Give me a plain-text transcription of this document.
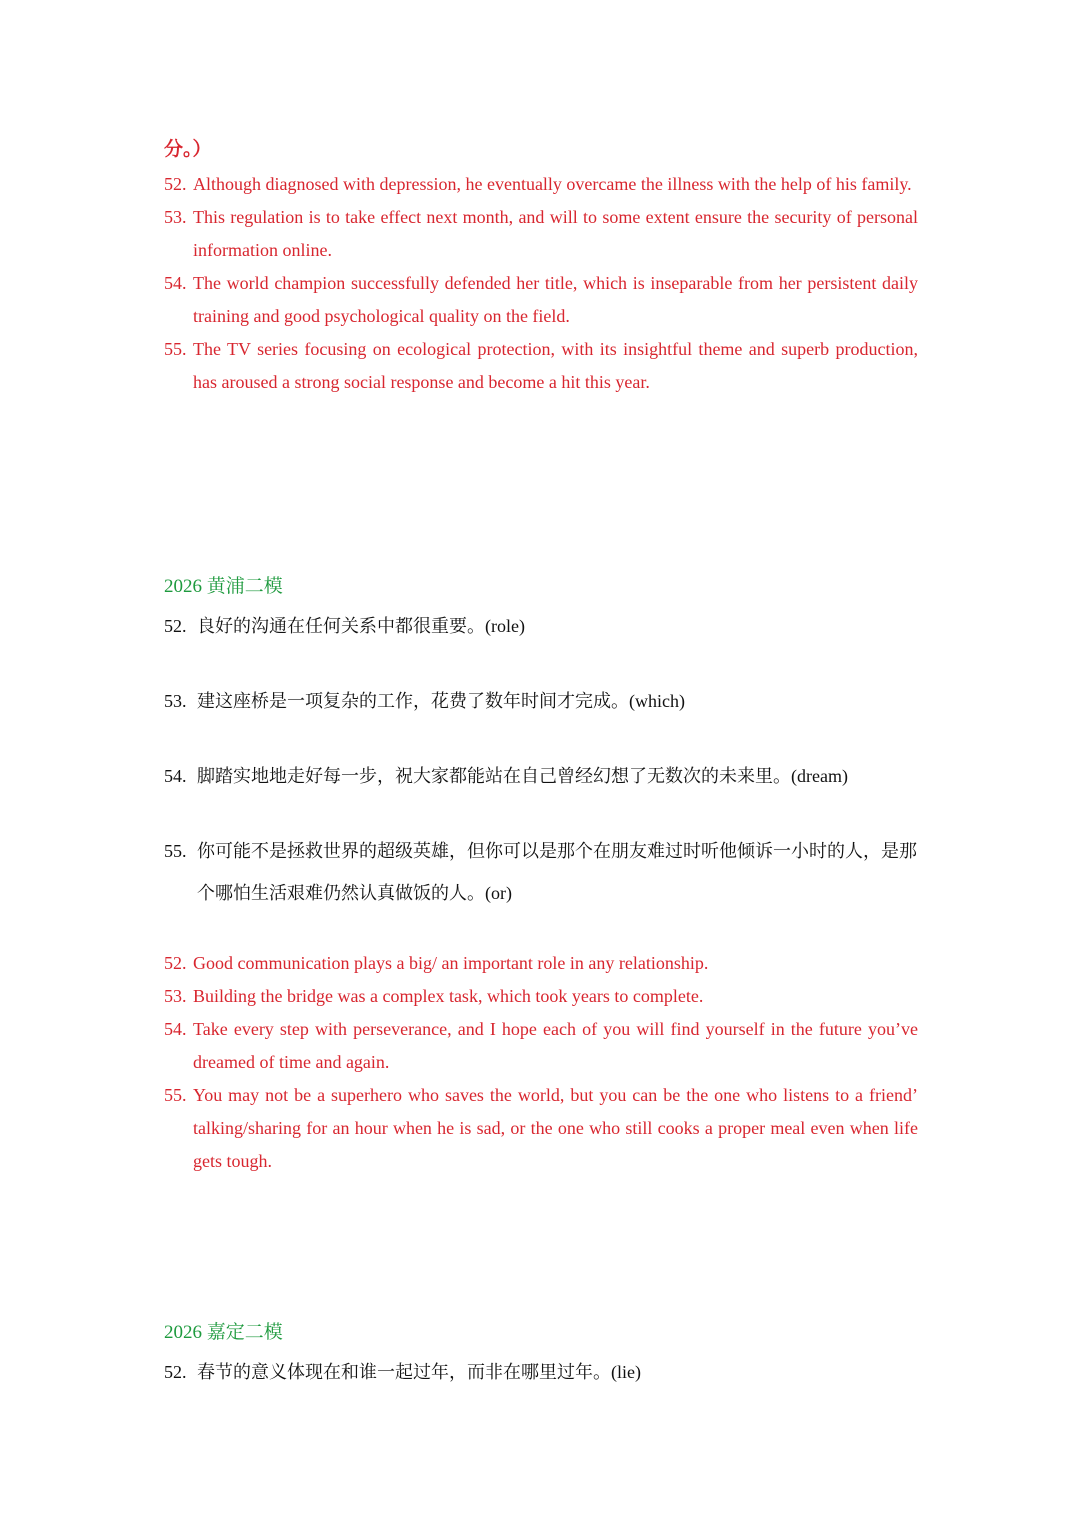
分。）
52. Although diagnosed with depression, he eventually overcame the illness with the help of his family.
53. This regulation is to take effect next month, and will to some extent ensure the security of personal information online.
54. The world champion successfully defended her title, which is inseparable from her persistent daily training and good psychological quality on the field.
55. The TV series focusing on ecological protection, with its insightful theme and superb production, has aroused a strong social response and become a hit this year.
2026 黄浦二模
52. 良好的沟通在任何关系中都很重要。(role)
53. 建这座桥是一项复杂的工作，花费了数年时间才完成。(which)
54. 脚踏实地地走好每一步，祝大家都能站在自己曾经幻想了无数次的未来里。(dream)
55. 你可能不是拯救世界的超级英雄，但你可以是那个在朋友难过时听他倾诉一小时的人，是那个哪怕生活艰难仍然认真做饭的人。(or)
52. Good communication plays a big/ an important role in any relationship.
53. Building the bridge was a complex task, which took years to complete.
54. Take every step with perseverance, and I hope each of you will find yourself in the future you’ve dreamed of time and again.
55. You may not be a superhero who saves the world, but you can be the one who listens to a friend’ talking/sharing for an hour when he is sad, or the one who still cooks a proper meal even when life gets tough.
2026 嘉定二模
52. 春节的意义体现在和谁一起过年，而非在哪里过年。(lie)
